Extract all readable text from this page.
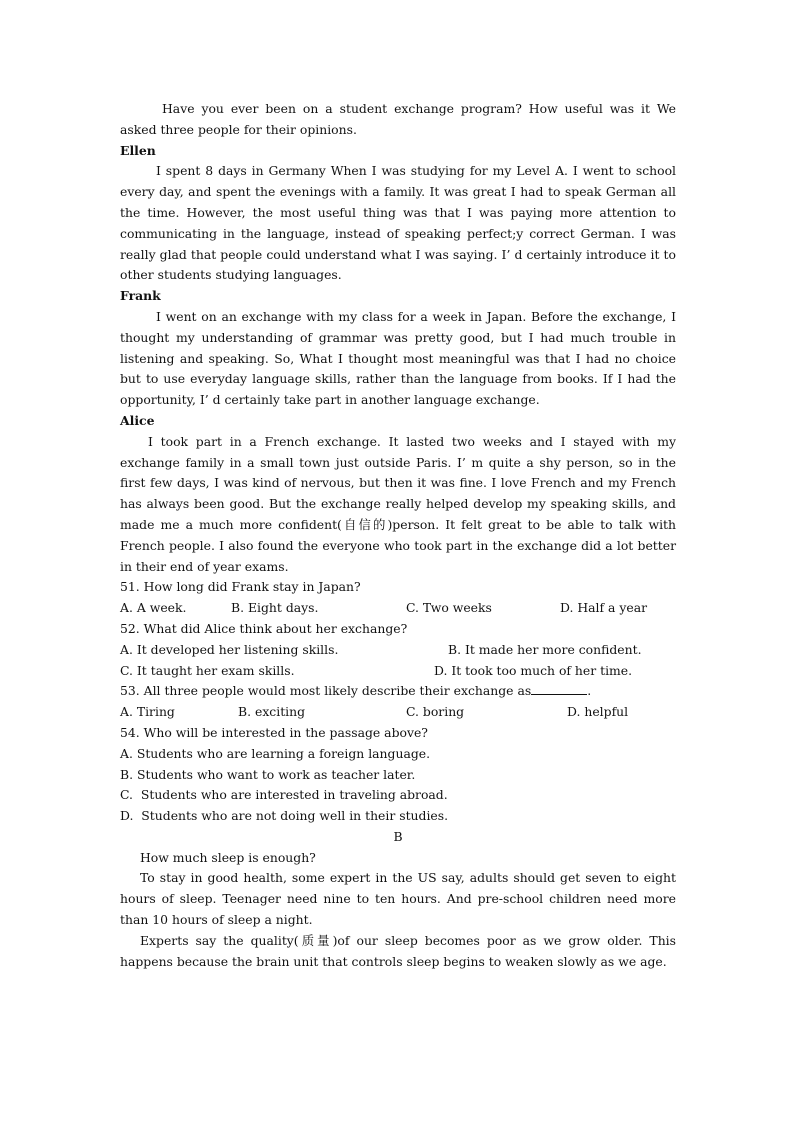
Have you ever been on a student exchange program? How useful was it We asked three people for their opinions.

Ellen

I spent 8 days in Germany When I was studying for my Level A. I went to school every day, and spent the evenings with a family. It was great I had to speak German all the time. However, the most useful thing was that I was paying more attention to communicating in the language, instead of speaking perfect;y correct German. I was really glad that people could understand what I was saying. I’ d certainly introduce it to other students studying languages.

Frank

I went on an exchange with my class for a week in Japan. Before the exchange, I thought my understanding of grammar was pretty good, but I had much trouble in listening and speaking. So, What I thought most meaningful was that I had no choice but to use everyday language skills, rather than the language from books. If I had the opportunity, I’ d certainly take part in another language exchange.

Alice

I took part in a French exchange. It lasted two weeks and I stayed with my exchange family in a small town just outside Paris. I’ m quite a shy person, so in the first few days, I was kind of nervous, but then it was fine. I love French and my French has always been good. But the exchange really helped develop my speaking skills, and made me a much more confident(自信的)person. It felt great to be able to talk with French people. I also found the everyone who took part in the exchange did a lot better in their end of year exams.

51. How long did Frank stay in Japan?

A. A week.	B. Eight days.	C. Two weeks	D. Half a year

52. What did Alice think about her exchange?

A. It developed her listening skills.	B. It made her more confident.
C. It taught her exam skills.	D. It took too much of her time.

53. All three people would most likely describe their exchange as	.

A. Tiring	B. exciting	C. boring	D. helpful

54. Who will be interested in the passage above?

A. Students who are learning a foreign language.

B. Students who want to work as teacher later.

C.  Students who are interested in traveling abroad.

D.  Students who are not doing well in their studies.

B

How much sleep is enough?

To stay in good health, some expert in the US say, adults should get seven to eight hours of sleep. Teenager need nine to ten hours. And pre-school children need more than 10 hours of sleep a night.

Experts say the quality(质量)of our sleep becomes poor as we grow older. This happens because the brain unit that controls sleep begins to weaken slowly as we age.
